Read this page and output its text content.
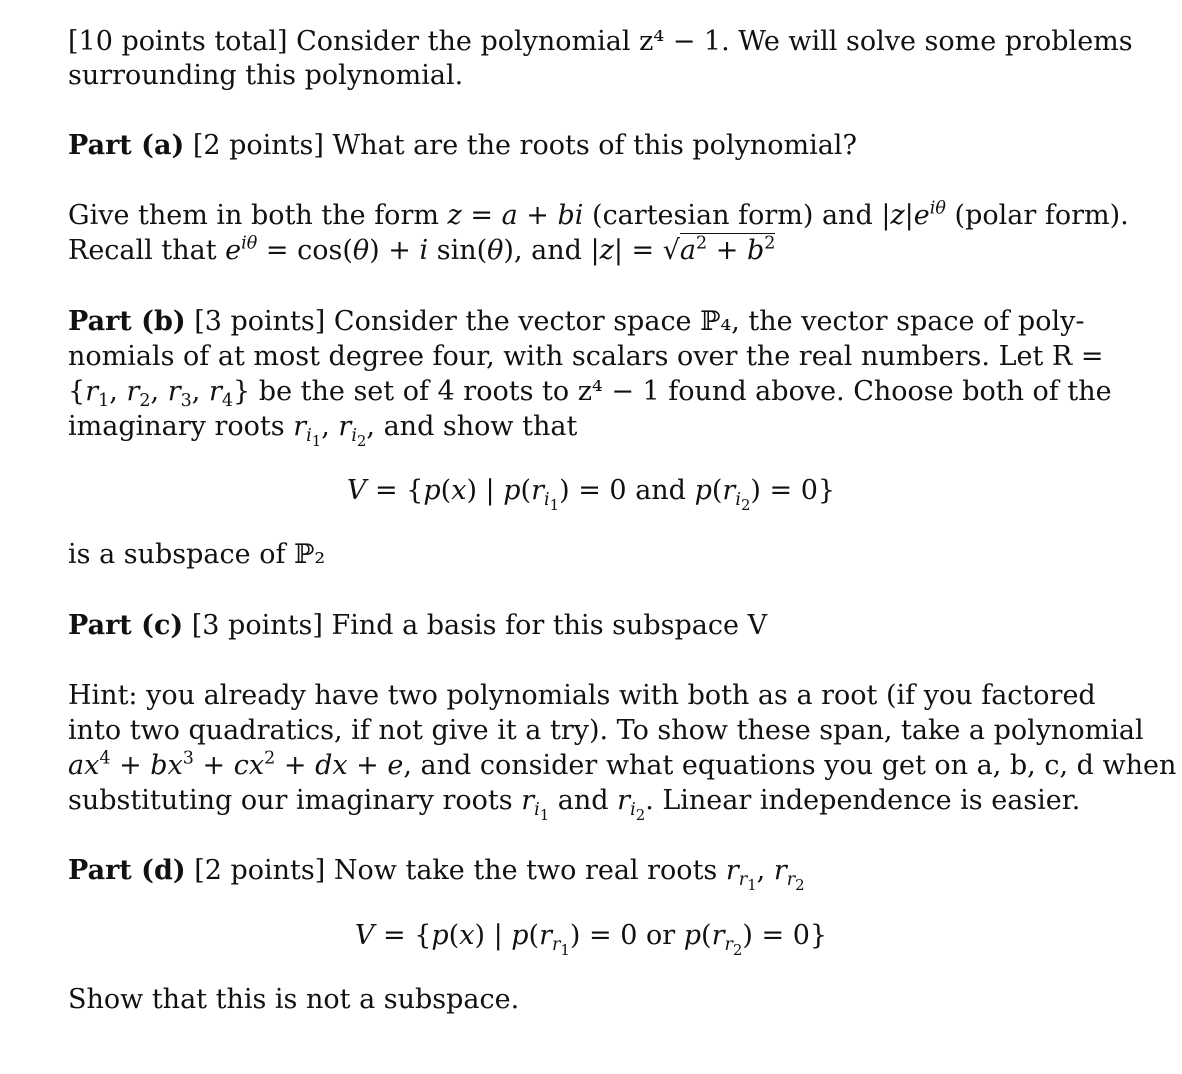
[10 points total] Consider the polynomial z⁴ − 1. We will solve some problems
surrounding this polynomial.
Part (a) [2 points] What are the roots of this polynomial?
Give them in both the form z = a + bi (cartesian form) and $|z|e^{i\theta}$ (polar form).
Recall that $e^{i\theta} = \cos(\theta) + i$ sin(θ), and $|z| = √a^2 + b^2$
Part (b) [3 points] Consider the vector space ℙ₄, the vector space of poly-
nomials of at most degree four, with scalars over the real numbers. Let R =
{$r_1$, $r_2$, $r_3$, $r_4$} be the set of 4 roots to z⁴ − 1 found above. Choose both of the
imaginary roots $r_{i_1}$, $r_{i_2}$, and show that
V = {p(x) | $p(r_{i_1}) = 0$ and $p(r_{i_2}) = 0$}
is a subspace of ℙ₂
Part (c) [3 points] Find a basis for this subspace V
Hint: you already have two polynomials with both as a root (if you factored
into two quadratics, if not give it a try). To show these span, take a polynomial
$ax^4 + bx^3 + cx^2$ + dx + e, and consider what equations you get on a, b, c, d when
substituting our imaginary roots $r_{i_1}$ and $r_{i_2}$. Linear independence is easier.
Part (d) [2 points] Now take the two real roots $r_{r_1}$, $r_{r_2}$
V = {p(x) | $p(r_{r_1}) = 0$ or $p(r_{r_2}) = 0$}
Show that this is not a subspace.
